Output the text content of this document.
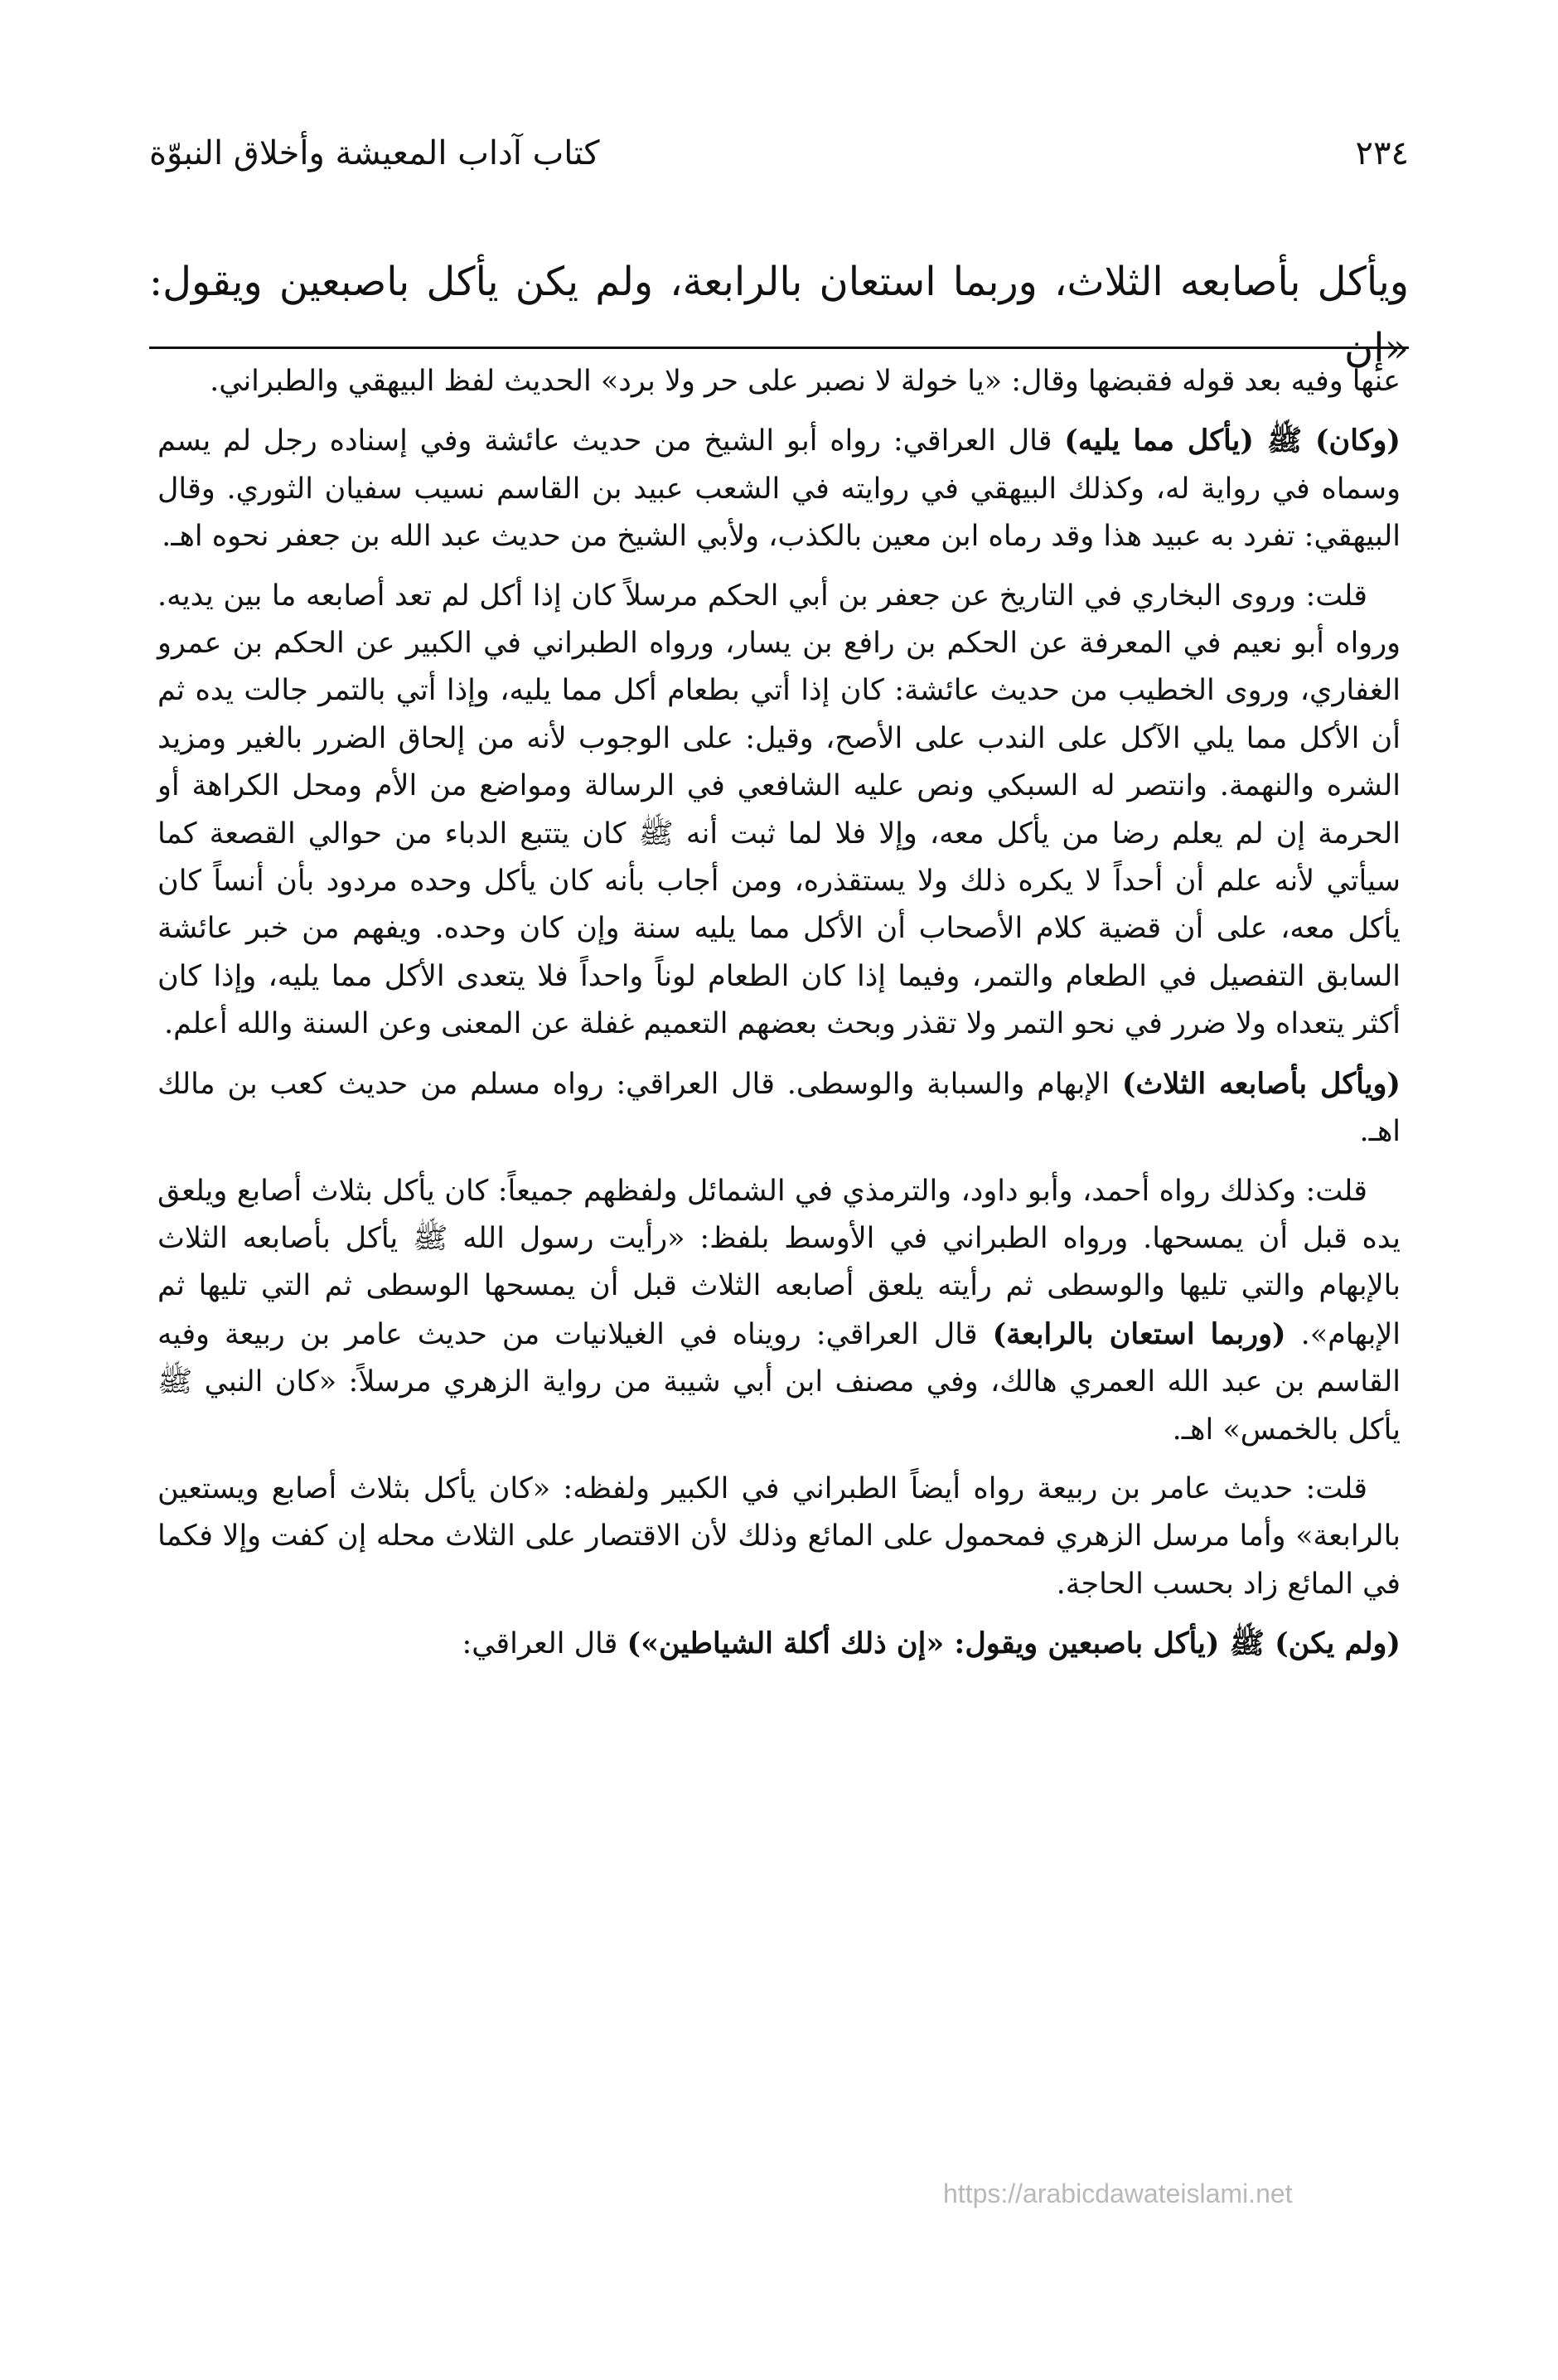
٢٣٤
كتاب آداب المعيشة وأخلاق النبوّة
ويأكل بأصابعه الثلاث، وربما استعان بالرابعة، ولم يكن يأكل باصبعين ويقول: «إن

عنها وفيه بعد قوله فقبضها وقال: «يا خولة لا نصبر على حر ولا برد» الحديث لفظ البيهقي والطبراني.

(وكان) ﷺ (يأكل مما يليه) قال العراقي: رواه أبو الشيخ من حديث عائشة وفي إسناده رجل لم يسم وسماه في رواية له، وكذلك البيهقي في روايته في الشعب عبيد بن القاسم نسيب سفيان الثوري. وقال البيهقي: تفرد به عبيد هذا وقد رماه ابن معين بالكذب، ولأبي الشيخ من حديث عبد الله بن جعفر نحوه اهـ.

قلت: وروى البخاري في التاريخ عن جعفر بن أبي الحكم مرسلاً كان إذا أكل لم تعد أصابعه ما بين يديه. ورواه أبو نعيم في المعرفة عن الحكم بن رافع بن يسار، ورواه الطبراني في الكبير عن الحكم بن عمرو الغفاري، وروى الخطيب من حديث عائشة: كان إذا أتي بطعام أكل مما يليه، وإذا أتي بالتمر جالت يده ثم أن الأكل مما يلي الآكل على الندب على الأصح، وقيل: على الوجوب لأنه من إلحاق الضرر بالغير ومزيد الشره والنهمة. وانتصر له السبكي ونص عليه الشافعي في الرسالة ومواضع من الأم ومحل الكراهة أو الحرمة إن لم يعلم رضا من يأكل معه، وإلا فلا لما ثبت أنه ﷺ كان يتتبع الدباء من حوالي القصعة كما سيأتي لأنه علم أن أحداً لا يكره ذلك ولا يستقذره، ومن أجاب بأنه كان يأكل وحده مردود بأن أنساً كان يأكل معه، على أن قضية كلام الأصحاب أن الأكل مما يليه سنة وإن كان وحده. ويفهم من خبر عائشة السابق التفصيل في الطعام والتمر، وفيما إذا كان الطعام لوناً واحداً فلا يتعدى الأكل مما يليه، وإذا كان أكثر يتعداه ولا ضرر في نحو التمر ولا تقذر وبحث بعضهم التعميم غفلة عن المعنى وعن السنة والله أعلم.

(ويأكل بأصابعه الثلاث) الإبهام والسبابة والوسطى. قال العراقي: رواه مسلم من حديث كعب بن مالك اهـ.

قلت: وكذلك رواه أحمد، وأبو داود، والترمذي في الشمائل ولفظهم جميعاً: كان يأكل بثلاث أصابع ويلعق يده قبل أن يمسحها. ورواه الطبراني في الأوسط بلفظ: «رأيت رسول الله ﷺ يأكل بأصابعه الثلاث بالإبهام والتي تليها والوسطى ثم رأيته يلعق أصابعه الثلاث قبل أن يمسحها الوسطى ثم التي تليها ثم الإبهام». (وربما استعان بالرابعة) قال العراقي: رويناه في الغيلانيات من حديث عامر بن ربيعة وفيه القاسم بن عبد الله العمري هالك، وفي مصنف ابن أبي شيبة من رواية الزهري مرسلاً: «كان النبي ﷺ يأكل بالخمس» اهـ.

قلت: حديث عامر بن ربيعة رواه أيضاً الطبراني في الكبير ولفظه: «كان يأكل بثلاث أصابع ويستعين بالرابعة» وأما مرسل الزهري فمحمول على المائع وذلك لأن الاقتصار على الثلاث محله إن كفت وإلا فكما في المائع زاد بحسب الحاجة.

(ولم يكن) ﷺ (يأكل باصبعين ويقول: «إن ذلك أكلة الشياطين») قال العراقي:

https://arabicdawateislami.net
